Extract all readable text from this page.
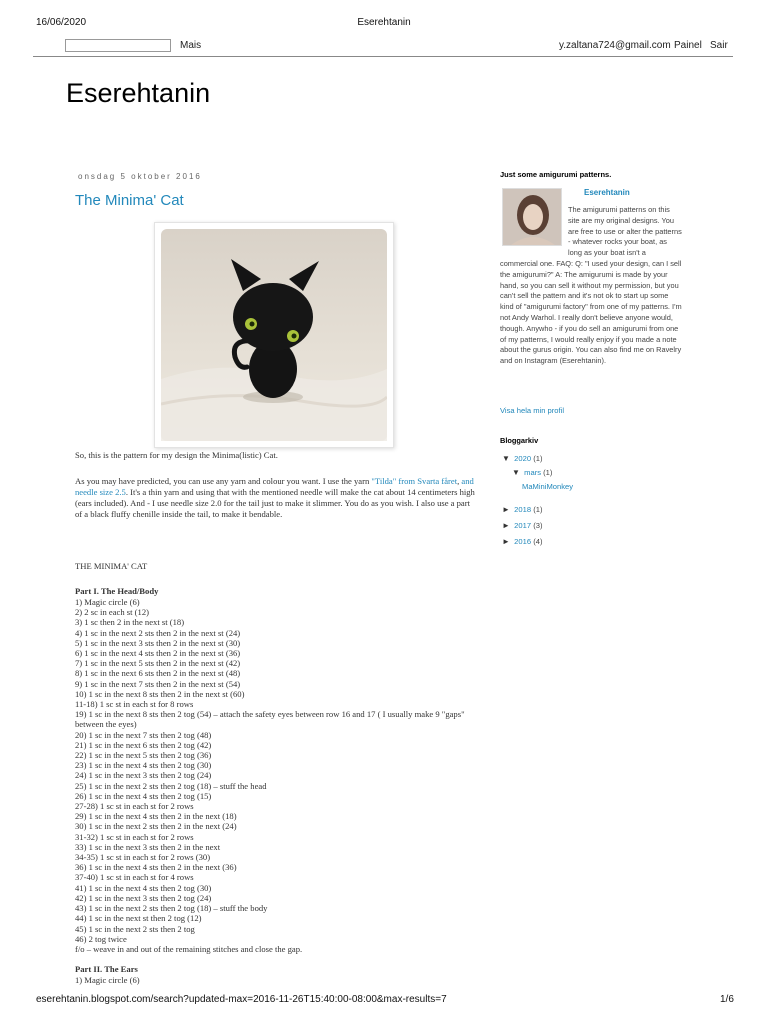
16/06/2020	Eserehtanin
Mais	y.zaltana724@gmail.com Painel Sair
Eserehtanin
onsdag 5 oktober 2016
The Minima' Cat
So, this is the pattern for my design the Minima(listic) Cat.
As you may have predicted, you can use any yarn and colour you want. I use the yarn "Tilda" from Svarta fåret, and needle size 2.5. It's a thin yarn and using that with the mentioned needle will make the cat about 14 centimeters high (ears included). And - I use needle size 2.0 for the tail just to make it slimmer. You do as you wish. I also use a part of a black fluffy chenille inside the tail, to make it bendable.
THE MINIMA' CAT
Part I. The Head/Body
1) Magic circle (6)
2) 2 sc in each st (12)
3) 1 sc then 2 in the next st (18)
4) 1 sc in the next 2 sts then 2 in the next st (24)
5) 1 sc in the next 3 sts then 2 in the next st (30)
6) 1 sc in the next 4 sts then 2 in the next st (36)
7) 1 sc in the next 5 sts then 2 in the next st (42)
8) 1 sc in the next 6 sts then 2 in the next st (48)
9) 1 sc in the next 7 sts then 2 in the next st (54)
10) 1 sc in the next 8 sts then 2 in the next st (60)
11-18) 1 sc st in each st for 8 rows
19) 1 sc in the next 8 sts then 2 tog (54) – attach the safety eyes between row 16 and 17 ( I usually make 9 "gaps" between the eyes)
20) 1 sc in the next 7 sts then 2 tog (48)
21) 1 sc in the next 6 sts then 2 tog (42)
22) 1 sc in the next 5 sts then 2 tog (36)
23) 1 sc in the next 4 sts then 2 tog (30)
24) 1 sc in the next 3 sts then 2 tog (24)
25) 1 sc in the next 2 sts then 2 tog (18) – stuff the head
26) 1 sc in the next 4 sts then 2 tog (15)
27-28) 1 sc st in each st for 2 rows
29) 1 sc in the next 4 sts then 2 in the next (18)
30) 1 sc in the next 2 sts then 2 in the next (24)
31-32) 1 sc st in each st for 2 rows
33) 1 sc in the next 3 sts then 2 in the next
34-35) 1 sc st in each st for 2 rows (30)
36) 1 sc in the next 4 sts then 2 in the next (36)
37-40) 1 sc st in each st for 4 rows
41) 1 sc in the next 4 sts then 2 tog (30)
42) 1 sc in the next 3 sts then 2 tog (24)
43) 1 sc in the next 2 sts then 2 tog (18) – stuff the body
44) 1 sc in the next st then 2 tog (12)
45) 1 sc in the next 2 sts then 2 tog
46) 2 tog twice
f/o – weave in and out of the remaining stitches and close the gap.
Part II. The Ears
1) Magic circle (6)
Just some amigurumi patterns.
Eserehtanin
The amigurumi patterns on this site are my original designs. You are free to use or alter the patterns - whatever rocks your boat, as long as your boat isn't a commercial one. FAQ: Q: "I used your design, can I sell the amigurumi?" A: The amigurumi is made by your hand, so you can sell it without my permission, but you can't sell the pattern and it's not ok to start up some kind of "amigurumi factory" from one of my patterns. I'm not Andy Warhol. I really don't believe anyone would, though. Anywho - if you do sell an amigurumi from one of my patterns, I would really enjoy if you made a note about the gurus origin. You can also find me on Ravelry and on Instagram (Eserehtanin).
Visa hela min profil
Bloggarkiv
▼ 2020 (1)
▼ mars (1)
MaMiniMonkey
► 2018 (1)
► 2017 (3)
► 2016 (4)
eserehtanin.blogspot.com/search?updated-max=2016-11-26T15:40:00-08:00&max-results=7	1/6
